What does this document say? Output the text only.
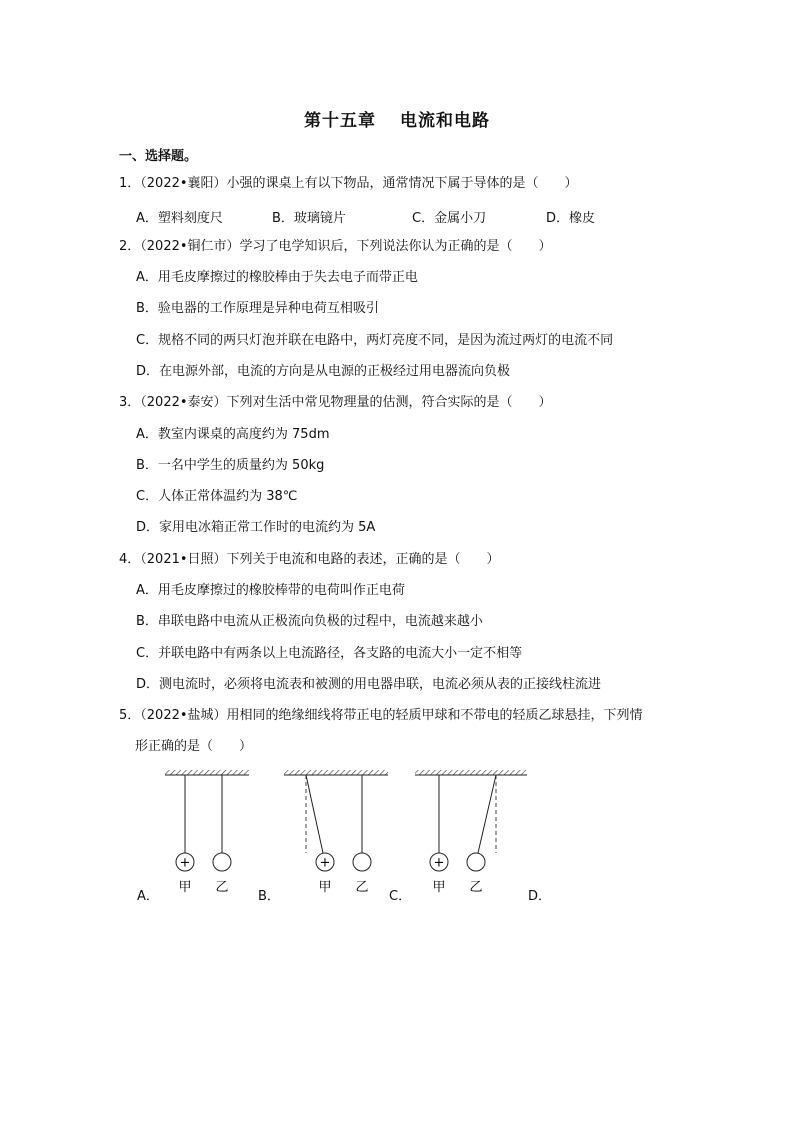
第十五章 电流和电路
一、选择题。
1．（2022•襄阳）小强的课桌上有以下物品，通常情况下属于导体的是（　　）
A．塑料刻度尺	B．玻璃镜片	C．金属小刀	D．橡皮
2．（2022•铜仁市）学习了电学知识后，下列说法你认为正确的是（　　）
A．用毛皮摩擦过的橡胶棒由于失去电子而带正电
B．验电器的工作原理是异种电荷互相吸引
C．规格不同的两只灯泡并联在电路中，两灯亮度不同，是因为流过两灯的电流不同
D．在电源外部，电流的方向是从电源的正极经过用电器流向负极
3．（2022•泰安）下列对生活中常见物理量的估测，符合实际的是（　　）
A．教室内课桌的高度约为 75dm
B．一名中学生的质量约为 50kg
C．人体正常体温约为 38℃
D．家用电冰箱正常工作时的电流约为 5A
4．（2021•日照）下列关于电流和电路的表述，正确的是（　　）
A．用毛皮摩擦过的橡胶棒带的电荷叫作正电荷
B．串联电路中电流从正极流向负极的过程中，电流越来越小
C．并联电路中有两条以上电流路径，各支路的电流大小一定不相等
D．测电流时，必须将电流表和被测的用电器串联，电流必须从表的正接线柱流进
5．（2022•盐城）用相同的绝缘细线将带正电的轻质甲球和不带电的轻质乙球悬挂，下列情
形正确的是（　　）
A．	B．	C．	D．
+
甲 乙
+
甲 乙
+
甲 乙
